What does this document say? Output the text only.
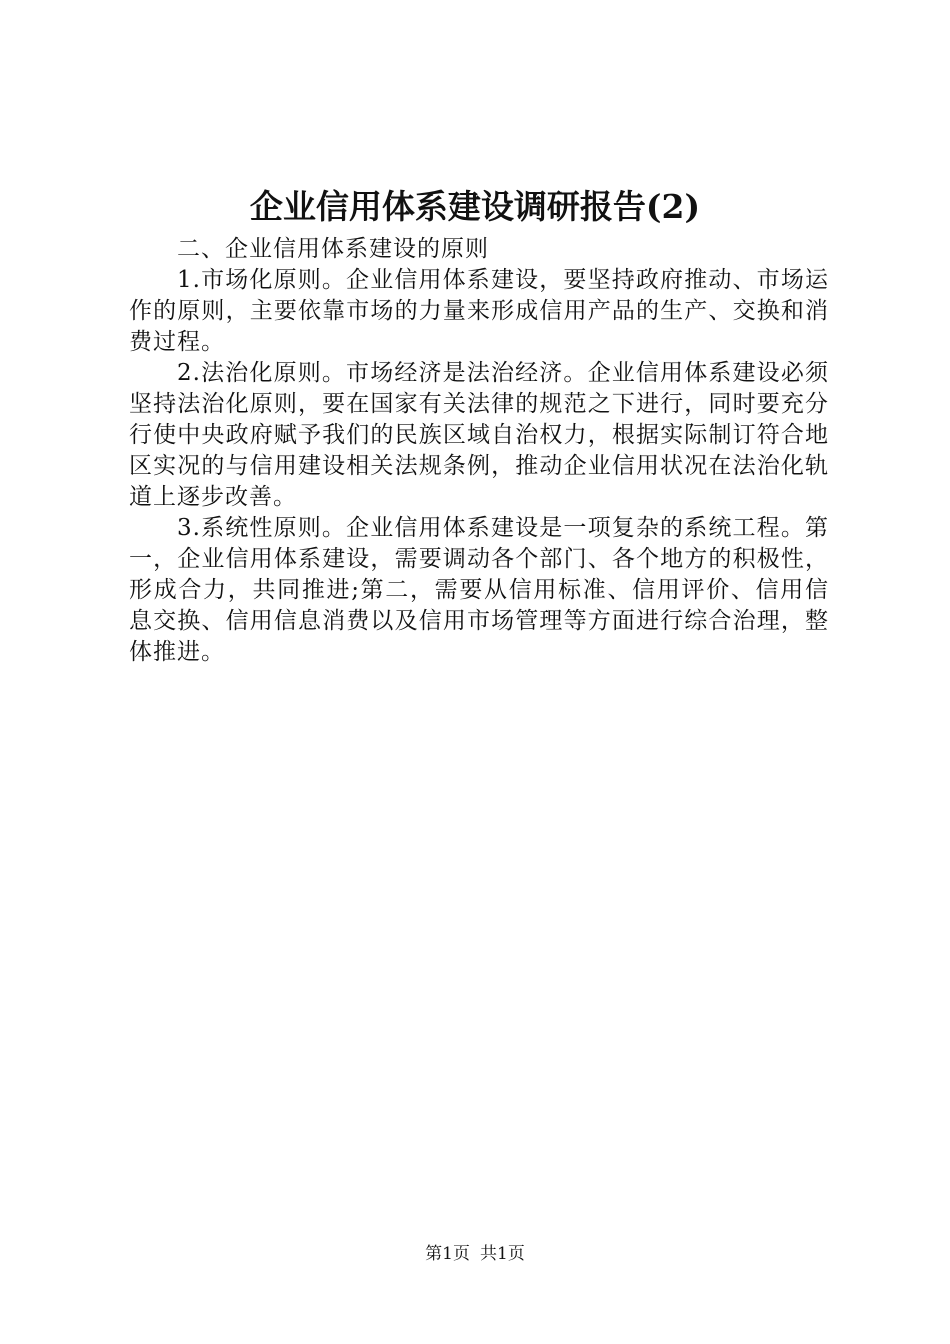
企业信用体系建设调研报告(2)

二、企业信用体系建设的原则

1.市场化原则。企业信用体系建设，要坚持政府推动、市场运作的原则，主要依靠市场的力量来形成信用产品的生产、交换和消费过程。

2.法治化原则。市场经济是法治经济。企业信用体系建设必须坚持法治化原则，要在国家有关法律的规范之下进行，同时要充分行使中央政府赋予我们的民族区域自治权力，根据实际制订符合地区实况的与信用建设相关法规条例，推动企业信用状况在法治化轨道上逐步改善。

3.系统性原则。企业信用体系建设是一项复杂的系统工程。第一，企业信用体系建设，需要调动各个部门、各个地方的积极性，形成合力，共同推进;第二，需要从信用标准、信用评价、信用信息交换、信用信息消费以及信用市场管理等方面进行综合治理，整体推进。

第1页 共1页
